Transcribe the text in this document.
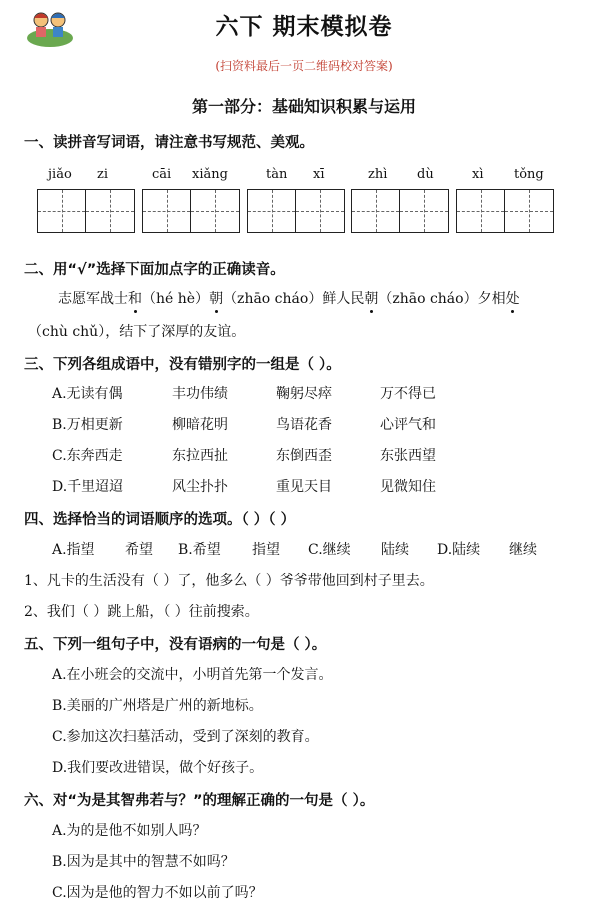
六下 期末模拟卷
(扫资料最后一页二维码校对答案)
第一部分：基础知识积累与运用
一、读拼音写词语，请注意书写规范、美观。
jiǎo zi	cāi xiǎng	tàn xī	zhì dù	xì tǒng
二、用“√”选择下面加点字的正确读音。
志愿军战士和（hé hè）朝（zhāo cháo）鲜人民朝（zhāo cháo）夕相处
（chù chǔ），结下了深厚的友谊。
三、下列各组成语中，没有错别字的一组是（ ）。
A.无读有偶	丰功伟绩	鞠躬尽瘁	万不得已
B.万相更新	柳暗花明	鸟语花香	心评气和
C.东奔西走	东拉西扯	东倒西歪	东张西望
D.千里迢迢	风尘扑扑	重见天目	见微知住
四、选择恰当的词语顺序的选项。（ ）（ ）
A.指望 希望 B.希望 指望 C.继续 陆续 D.陆续 继续
1、凡卡的生活没有（ ）了，他多么（ ）爷爷带他回到村子里去。
2、我们（ ）跳上船，（ ）往前搜索。
五、下列一组句子中，没有语病的一句是（ ）。
A.在小班会的交流中，小明首先第一个发言。
B.美丽的广州塔是广州的新地标。
C.参加这次扫墓活动，受到了深刻的教育。
D.我们要改进错误，做个好孩子。
六、对“为是其智弗若与？”的理解正确的一句是（ ）。
A.为的是他不如别人吗？
B.因为是其中的智慧不如吗？
C.因为是他的智力不如以前了吗？
